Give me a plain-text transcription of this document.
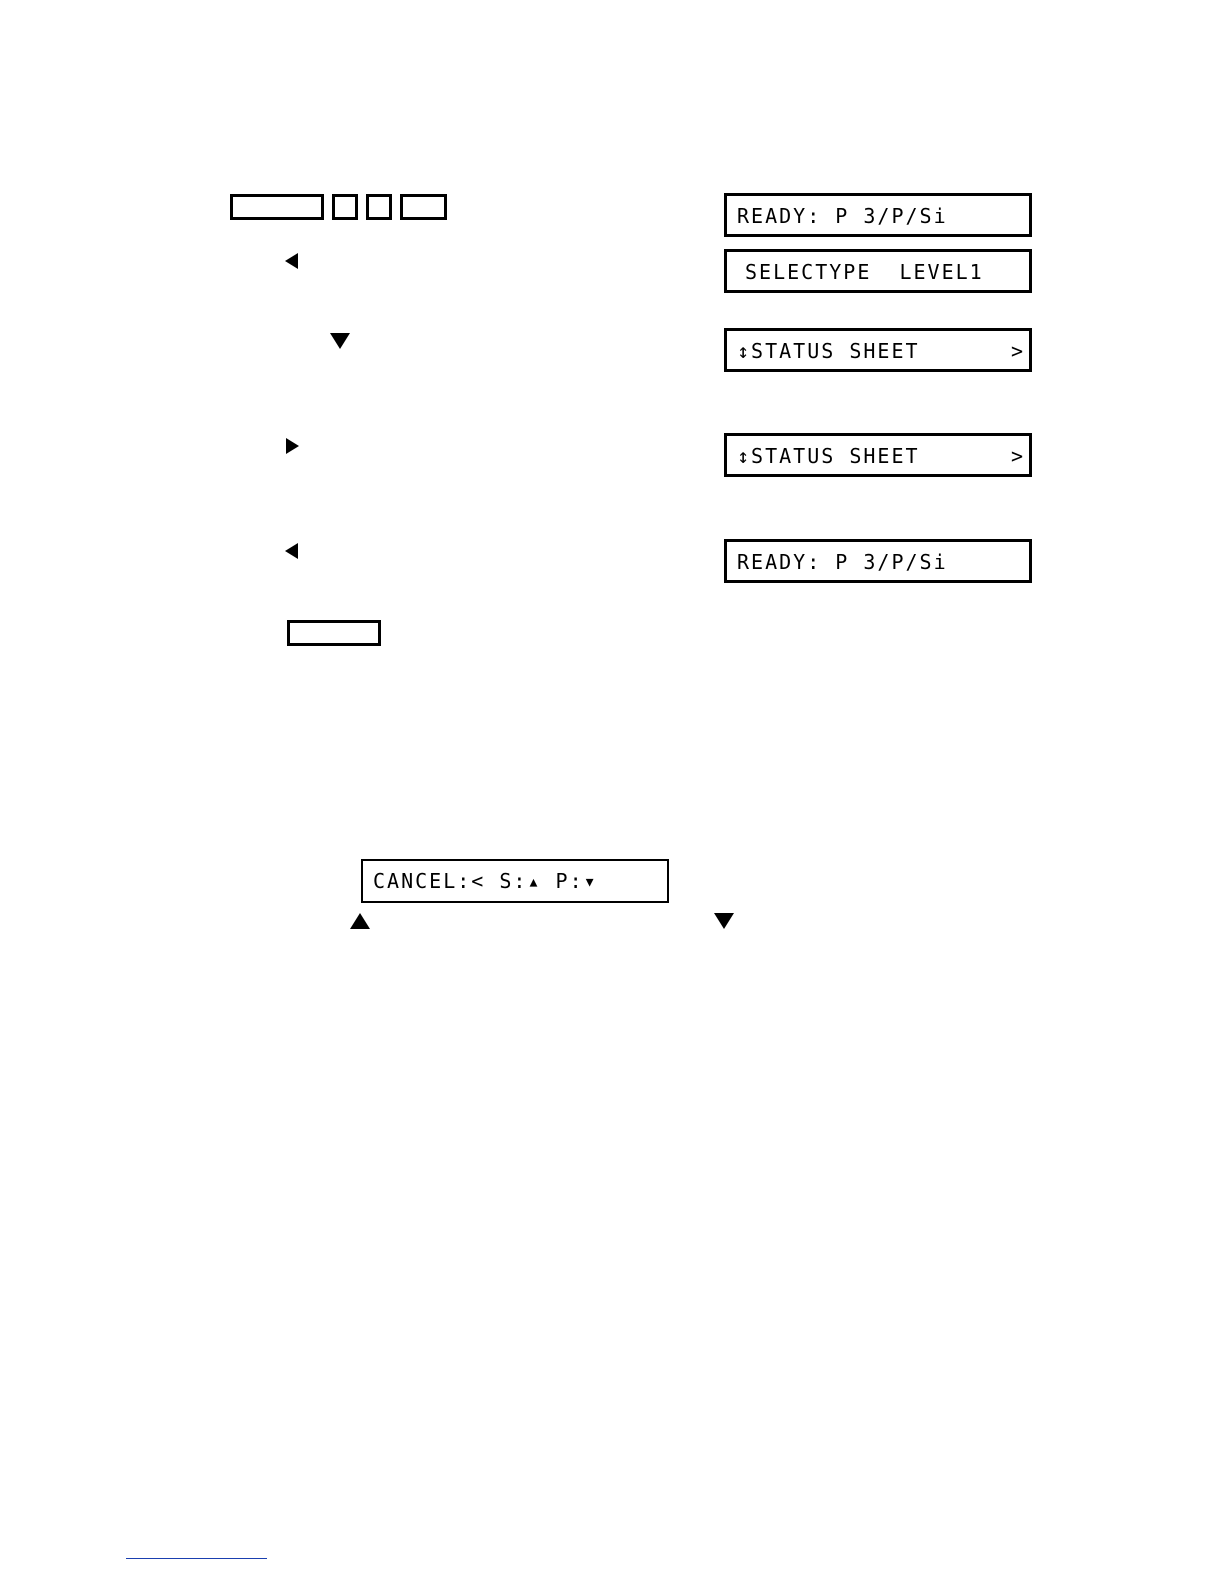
READY: P 3/P/Si

SELECTYPE  LEVEL1

↕STATUS SHEET

	>

↕STATUS SHEET

	>

READY: P 3/P/Si

CANCEL:< S:▴ P:▾
